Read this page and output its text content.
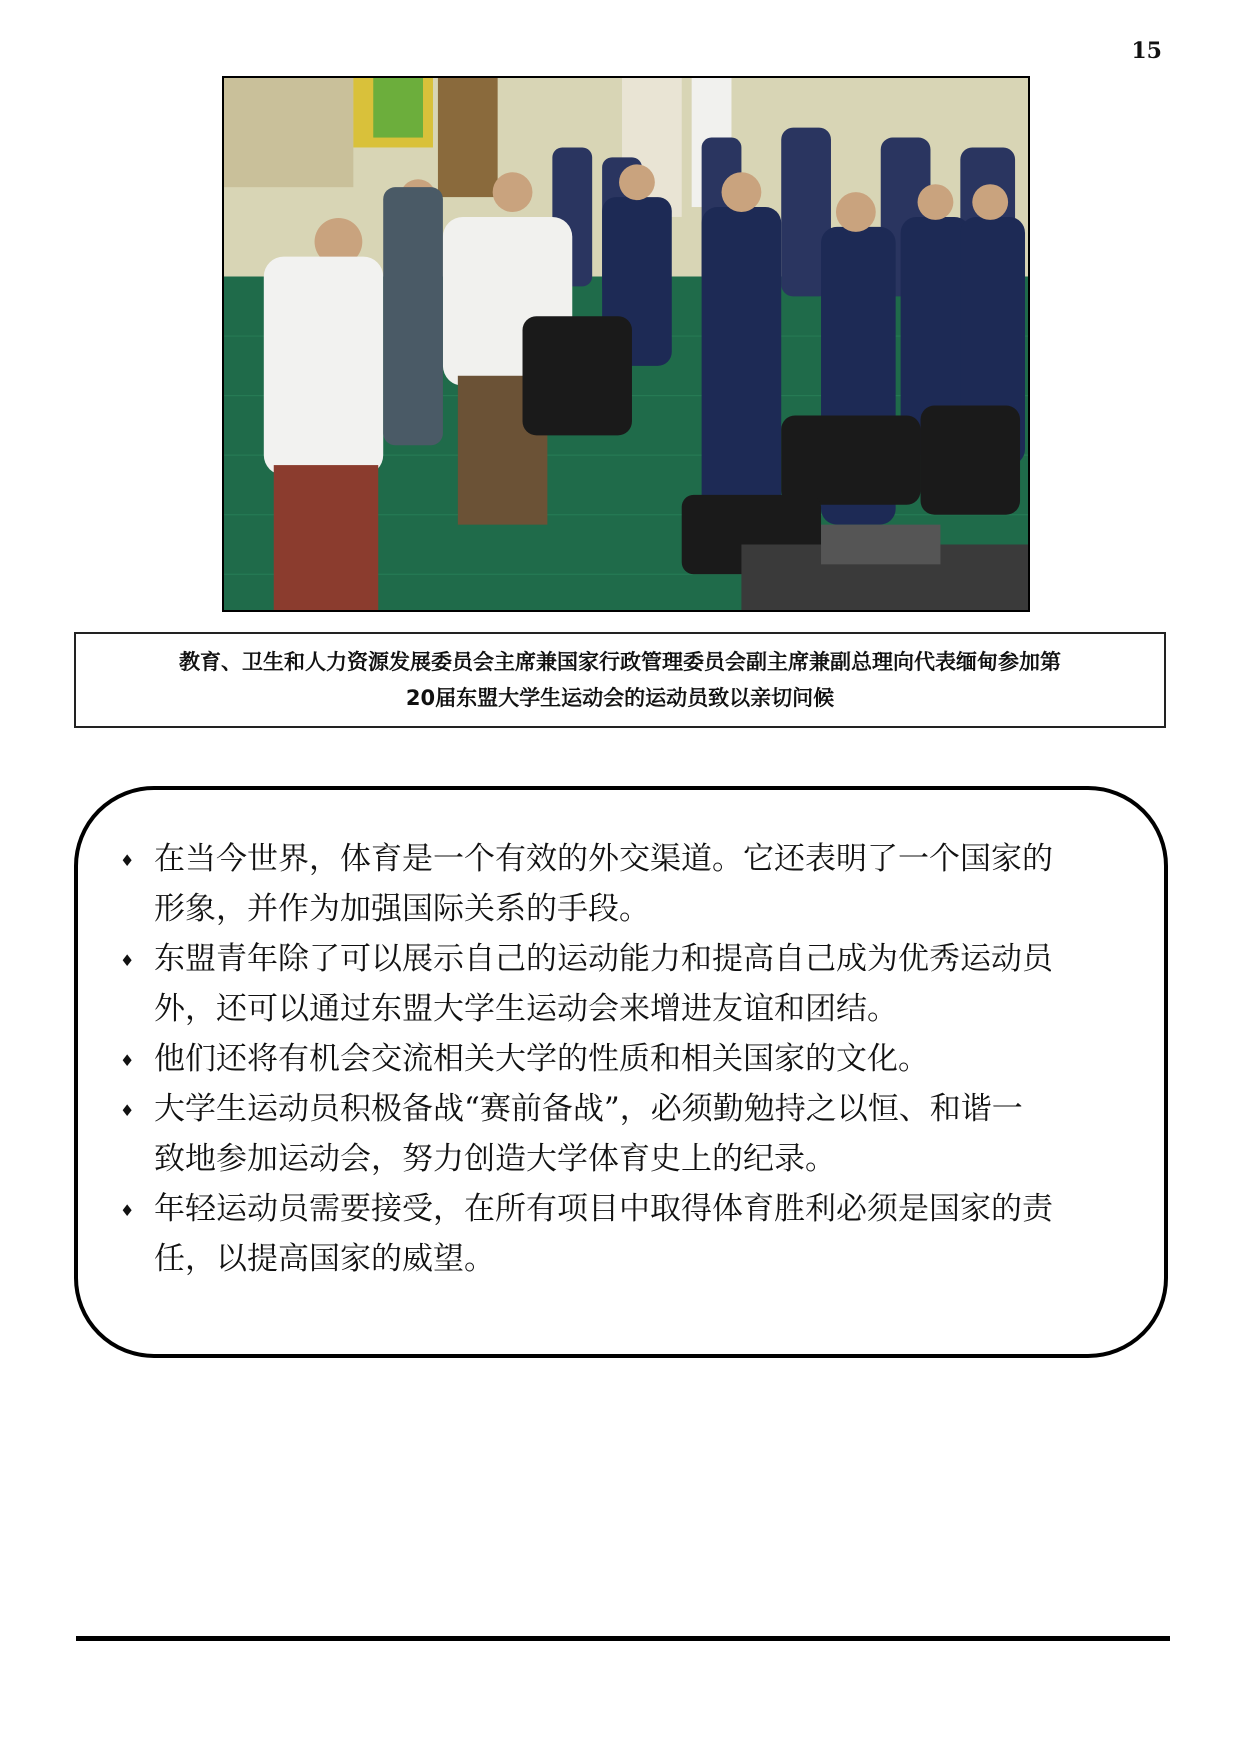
15
教育、卫生和人力资源发展委员会主席兼国家行政管理委员会副主席兼副总理向代表缅甸参加第
20届东盟大学生运动会的运动员致以亲切问候
♦ 在当今世界，体育是一个有效的外交渠道。它还表明了一个国家的
形象，并作为加强国际关系的手段。
♦ 东盟青年除了可以展示自己的运动能力和提高自己成为优秀运动员
外，还可以通过东盟大学生运动会来增进友谊和团结。
♦ 他们还将有机会交流相关大学的性质和相关国家的文化。
♦ 大学生运动员积极备战“赛前备战”，必须勤勉持之以恒、和谐一
致地参加运动会，努力创造大学体育史上的纪录。
♦ 年轻运动员需要接受，在所有项目中取得体育胜利必须是国家的责
任，以提高国家的威望。
